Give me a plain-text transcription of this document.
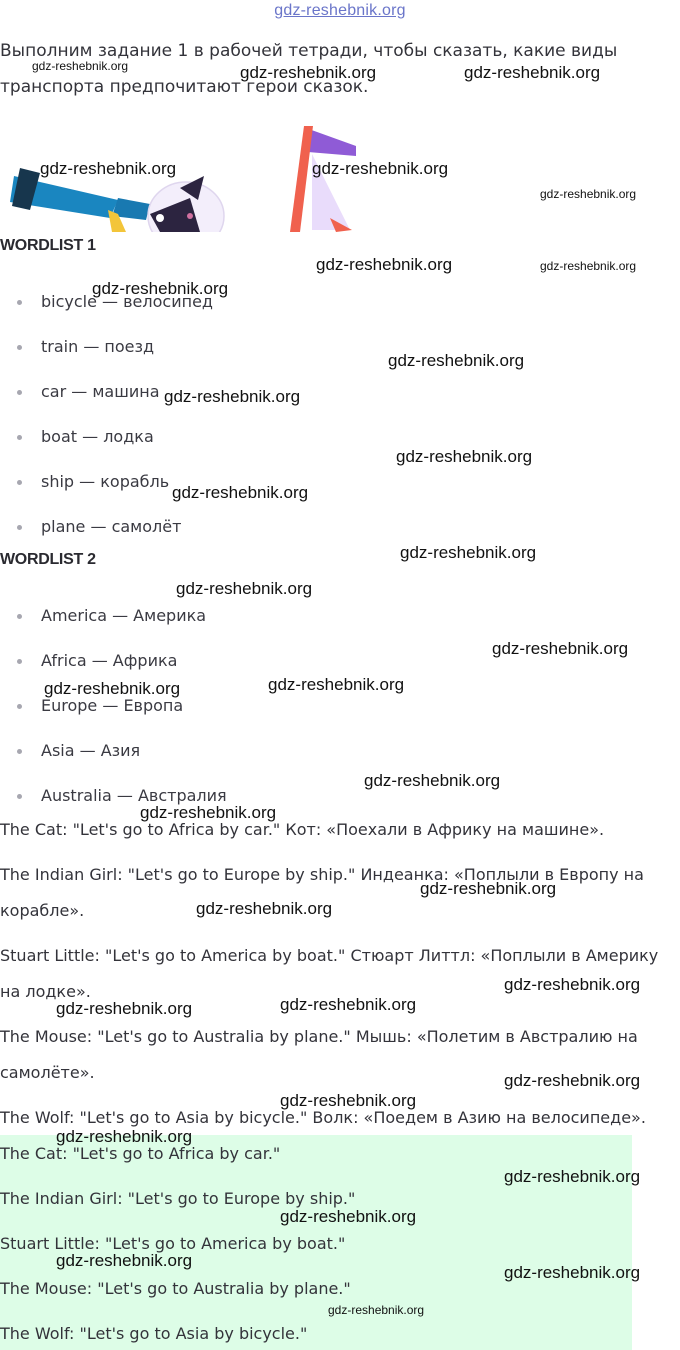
gdz-reshebnik.org
Выполним задание 1 в рабочей тетради, чтобы сказать, какие виды транспорта предпочитают герои сказок.
WORDLIST 1
bicycle — велосипед
train — поезд
car — машина
boat — лодка
ship — корабль
plane — самолёт
WORDLIST 2
America — Америка
Africa — Африка
Europe — Европа
Asia — Азия
Australia — Австралия
The Cat: "Let's go to Africa by car." Кот: «Поехали в Африку на машине».
The Indian Girl: "Let's go to Europe by ship." Индеанка: «Поплыли в Европу на кораблe».
Stuart Little: "Let's go to America by boat." Стюарт Литтл: «Поплыли в Америку на лодке».
The Mouse: "Let's go to Australia by plane." Мышь: «Полетим в Австралию на самолёте».
The Wolf: "Let's go to Asia by bicycle." Волк: «Поедем в Азию на велосипеде».
The Cat: "Let's go to Africa by car."
The Indian Girl: "Let's go to Europe by ship."
Stuart Little: "Let's go to America by boat."
The Mouse: "Let's go to Australia by plane."
The Wolf: "Let's go to Asia by bicycle."
gdz-reshebnik.org	gdz-reshebnik.org	gdz-reshebnik.org
gdz-reshebnik.org	gdz-reshebnik.org
gdz-reshebnik.org
gdz-reshebnik.org	gdz-reshebnik.org
gdz-reshebnik.org
gdz-reshebnik.org
gdz-reshebnik.org
gdz-reshebnik.org
gdz-reshebnik.org
gdz-reshebnik.org
gdz-reshebnik.org
gdz-reshebnik.org
gdz-reshebnik.org
gdz-reshebnik.org
gdz-reshebnik.org
gdz-reshebnik.org
gdz-reshebnik.org
gdz-reshebnik.org
gdz-reshebnik.org
gdz-reshebnik.org
gdz-reshebnik.org
gdz-reshebnik.org
gdz-reshebnik.org
gdz-reshebnik.org
gdz-reshebnik.org
gdz-reshebnik.org
gdz-reshebnik.org
gdz-reshebnik.org
gdz-reshebnik.org
